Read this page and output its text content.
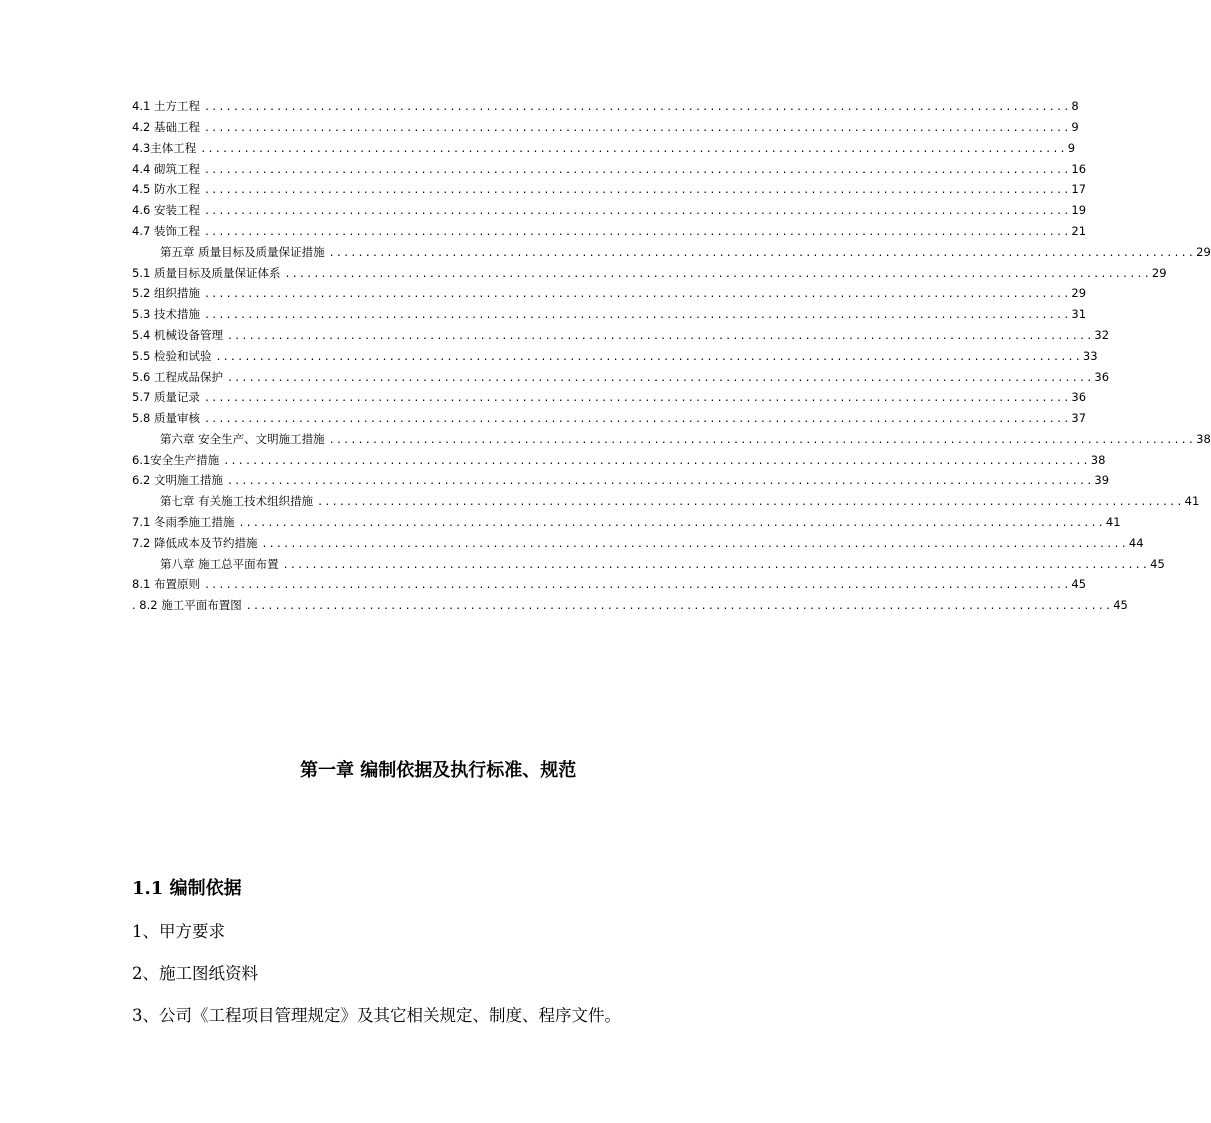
4.1 土方工程 ........................................................................................................................ 8
4.2 基础工程 ........................................................................................................................ 9
4.3主体工程 ........................................................................................................................ 9
4.4 砌筑工程 ........................................................................................................................ 16
4.5 防水工程 ........................................................................................................................ 17
4.6 安装工程 ........................................................................................................................ 19
4.7 装饰工程 ........................................................................................................................ 21
第五章 质量目标及质量保证措施 ........................................................................................................................ 29
5.1 质量目标及质量保证体系 ........................................................................................................................ 29
5.2 组织措施 ........................................................................................................................ 29
5.3 技术措施 ........................................................................................................................ 31
5.4 机械设备管理 ........................................................................................................................ 32
5.5 检验和试验 ........................................................................................................................ 33
5.6 工程成品保护 ........................................................................................................................ 36
5.7 质量记录 ........................................................................................................................ 36
5.8 质量审核 ........................................................................................................................ 37
第六章 安全生产、文明施工措施 ........................................................................................................................ 38
6.1安全生产措施 ........................................................................................................................ 38
6.2 文明施工措施 ........................................................................................................................ 39
第七章 有关施工技术组织措施 ........................................................................................................................ 41
7.1 冬雨季施工措施 ........................................................................................................................ 41
7.2 降低成本及节约措施 ........................................................................................................................ 44
第八章 施工总平面布置 ........................................................................................................................ 45
8.1 布置原则 ........................................................................................................................ 45
. 8.2 施工平面布置图 ........................................................................................................................ 45
第一章 编制依据及执行标准、规范
1.1 编制依据
1、甲方要求
2、施工图纸资料
3、公司《工程项目管理规定》及其它相关规定、制度、程序文件。
